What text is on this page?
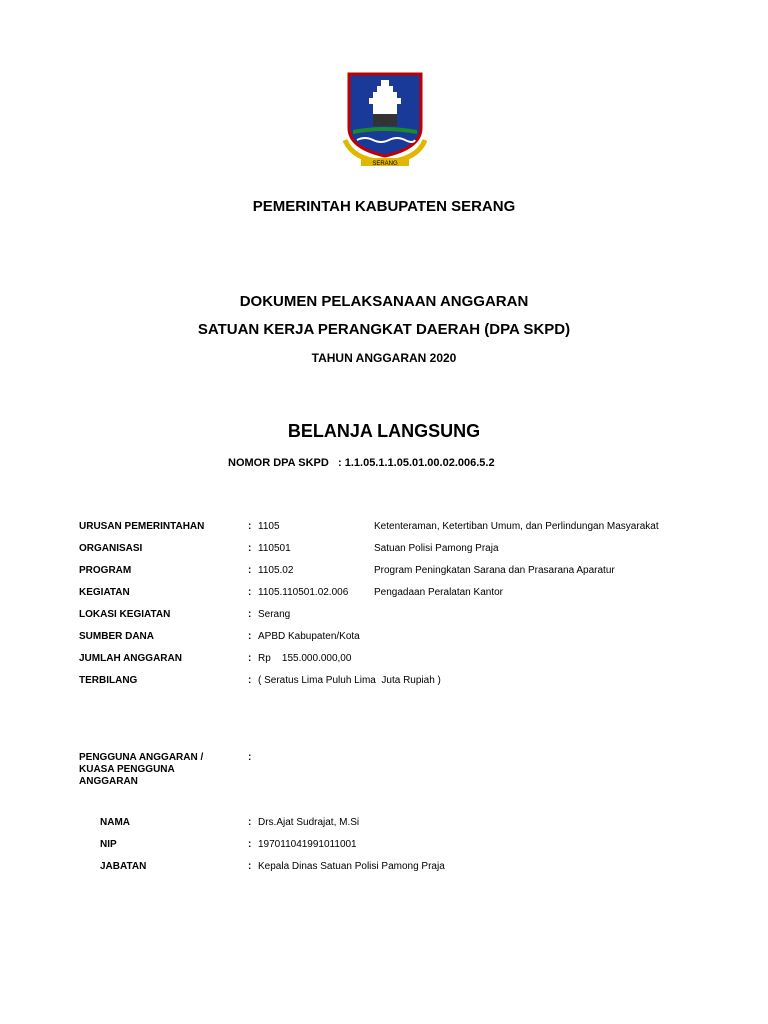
SERANG
PEMERINTAH KABUPATEN SERANG
DOKUMEN PELAKSANAAN ANGGARAN
SATUAN KERJA PERANGKAT DAERAH (DPA SKPD)
TAHUN ANGGARAN 2020
BELANJA LANGSUNG
NOMOR DPA SKPD   : 1.1.05.1.1.05.01.00.02.006.5.2
URUSAN PEMERINTAHAN	: 1105	Ketenteraman, Ketertiban Umum, dan Perlindungan Masyarakat
ORGANISASI	: 110501	Satuan Polisi Pamong Praja
PROGRAM	: 1105.02	Program Peningkatan Sarana dan Prasarana Aparatur
KEGIATAN	: 1105.110501.02.006	Pengadaan Peralatan Kantor
LOKASI KEGIATAN	: Serang
SUMBER DANA	: APBD Kabupaten/Kota
JUMLAH ANGGARAN	: Rp    155.000.000,00
TERBILANG	: ( Seratus Lima Puluh Lima  Juta Rupiah )
PENGGUNA ANGGARAN / KUASA PENGGUNA ANGGARAN
:
NAMA	: Drs.Ajat Sudrajat, M.Si
NIP	: 197011041991011001
JABATAN	: Kepala Dinas Satuan Polisi Pamong Praja
